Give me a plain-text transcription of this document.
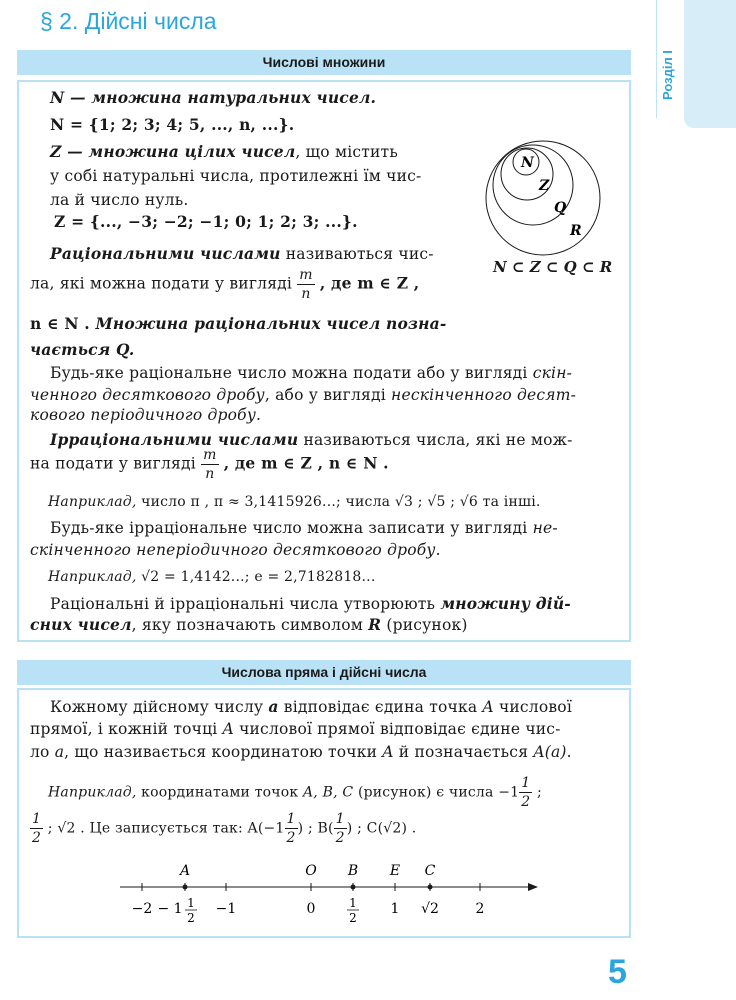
§ 2. Дійсні числа
Розділ I
Числові множини
N — множина натуральних чисел.
N = {1; 2; 3; 4; 5, ..., n, ...}.
Z — множина цілих чисел, що містить
у собі натуральні числа, протилежні їм чис-
ла й число нуль.
Z = {..., −3; −2; −1; 0; 1; 2; 3; ...}.
Раціональними числами називаються чис-
ла, які можна подати у вигляді $\frac{m}{n}$ , де m ∈ Z ,
n ∈ N . Множина раціональних чисел позна-
чається Q.
Будь-яке раціональне число можна подати або у вигляді скін-
ченного десяткового дробу, або у вигляді нескінченного десят-
кового періодичного дробу.
Ірраціональними числами називаються числа, які не мож-
на подати у вигляді $\frac{m}{n}$ , де m ∈ Z , n ∈ N .
Наприклад, число π , π ≈ 3,1415926...; числа √3 ; √5 ; √6 та інші.
Будь-яке ірраціональне число можна записати у вигляді не-
скінченного неперіодичного десяткового дробу.
Наприклад, √2 = 1,4142...; e = 2,7182818...
Раціональні й ірраціональні числа утворюють множину дій-
сних чисел, яку позначають символом R (рисунок)
N
Z
Q
R
N ⊂ Z ⊂ Q ⊂ R
Числова пряма і дійсні числа
Кожному дійсному числу a відповідає єдина точка A числової
прямої, і кожній точці A числової прямої відповідає єдине чис-
ло a, що називається координатою точки A й позначається A(a).
Наприклад, координатами точок A, B, C (рисунок) є числа $-1 \frac{1}{2}$ ;
$\frac{1}{2}$ ; √2 . Це записується так: $A(-1 \frac{1}{2}$ ) ; $B( \frac{1}{2}$ ) ; C(√2) .
A	O B E C
−2 − 1 1
2
−1	0	1
2
1 √2	2
5
